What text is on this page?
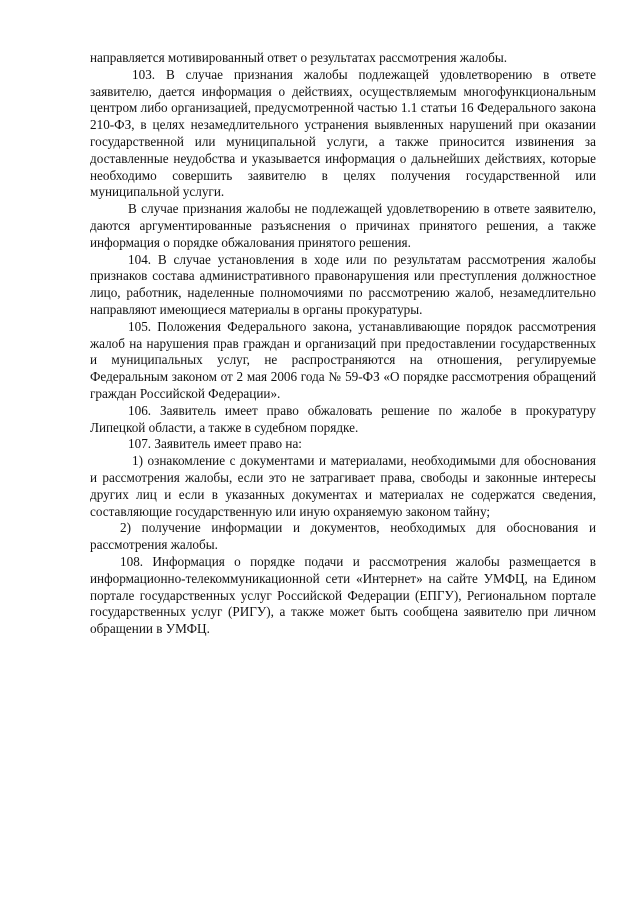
направляется мотивированный ответ о результатах рассмотрения жалобы.

103. В случае признания жалобы подлежащей удовлетворению в ответе заявителю, дается информация о действиях, осуществляемым многофункциональным центром либо организацией, предусмотренной частью 1.1 статьи 16 Федерального закона 210-ФЗ, в целях незамедлительного устранения выявленных нарушений при оказании государственной или муниципальной услуги, а также приносится извинения за доставленные неудобства и указывается информация о дальнейших действиях, которые необходимо совершить заявителю в целях получения государственной или муниципальной услуги.

В случае признания жалобы не подлежащей удовлетворению в ответе заявителю, даются аргументированные разъяснения о причинах принятого решения, а также информация о порядке обжалования принятого решения.

104. В случае установления в ходе или по результатам рассмотрения жалобы признаков состава административного правонарушения или преступления должностное лицо, работник, наделенные полномочиями по рассмотрению жалоб, незамедлительно направляют имеющиеся материалы в органы прокуратуры.

105. Положения Федерального закона, устанавливающие порядок рассмотрения жалоб на нарушения прав граждан и организаций при предоставлении государственных и муниципальных услуг, не распространяются на отношения, регулируемые Федеральным законом от 2 мая 2006 года № 59-ФЗ «О порядке рассмотрения обращений граждан Российской Федерации».

106. Заявитель имеет право обжаловать решение по жалобе в прокуратуру Липецкой области, а также в судебном порядке.

107. Заявитель имеет право на:

1) ознакомление с документами и материалами, необходимыми для обоснования и рассмотрения жалобы, если это не затрагивает права, свободы и законные интересы других лиц и если в указанных документах и материалах не содержатся сведения, составляющие государственную или иную охраняемую законом тайну;

2) получение информации и документов, необходимых для обоснования и рассмотрения жалобы.

108. Информация о порядке подачи и рассмотрения жалобы размещается в информационно-телекоммуникационной сети «Интернет» на сайте УМФЦ, на Едином портале государственных услуг Российской Федерации (ЕПГУ), Региональном портале государственных услуг (РИГУ), а также может быть сообщена заявителю при личном обращении в УМФЦ.
